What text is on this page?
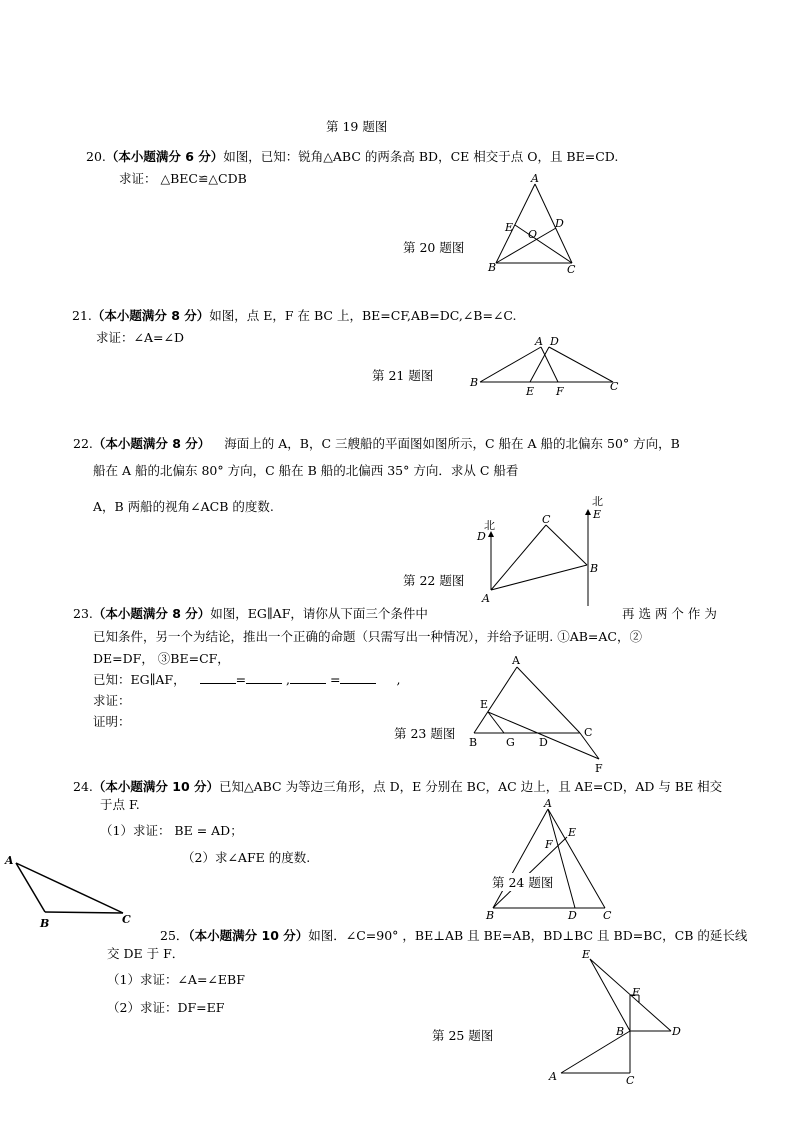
第 19 题图
20.（本小题满分 6 分）如图，已知：锐角△ABC 的两条高 BD，CE 相交于点 O，且 BE=CD.
求证： △BEC≌△CDB	A
B	C
D
E
O
第 20 题图
21.（本小题满分 8 分）如图，点 E，F 在 BC 上，BE=CF,AB=DC,∠B=∠C.
求证：∠A=∠D
B	C
A D
E F
第 21 题图
22.（本小题满分 8 分） 海面上的 A，B，C 三艘船的平面图如图所示，C 船在 A 船的北偏东 50° 方向，B
船在 A 船的北偏东 80° 方向，C 船在 B 船的北偏西 35° 方向．求从 C 船看
A，B 两船的视角∠ACB 的度数.
北
D
北
E
C
B
A
第 22 题图
23.（本小题满分 8 分）如图，EG∥AF，请你从下面三个条件中	再 选 两 个 作 为
已知条件，另一个为结论，推出一个正确的命题（只需写出一种情况），并给予证明. ①AB=AC，②
DE=DF， ③BE=CF，
已知：EG∥AF，	=	,	=	,
求证：
证明：
A
E
B	G D
C
F
第 23 题图
24.（本小题满分 10 分）已知△ABC 为等边三角形，点 D，E 分别在 BC，AC 边上，且 AE=CD，AD 与 BE 相交
于点 F.
（1）求证： BE = AD；
（2）求∠AFE 的度数.
A
E
F
B	D C
第 24 题图
A
B	C
25．（本小题满分 10 分）如图．∠C=90° ，BE⊥AB 且 BE=AB，BD⊥BC 且 BD=BC，CB 的延长线
交 DE 于 F．
（1）求证：∠A=∠EBF
（2）求证：DF=EF
E
F
B	D
A	C
第 25 题图
